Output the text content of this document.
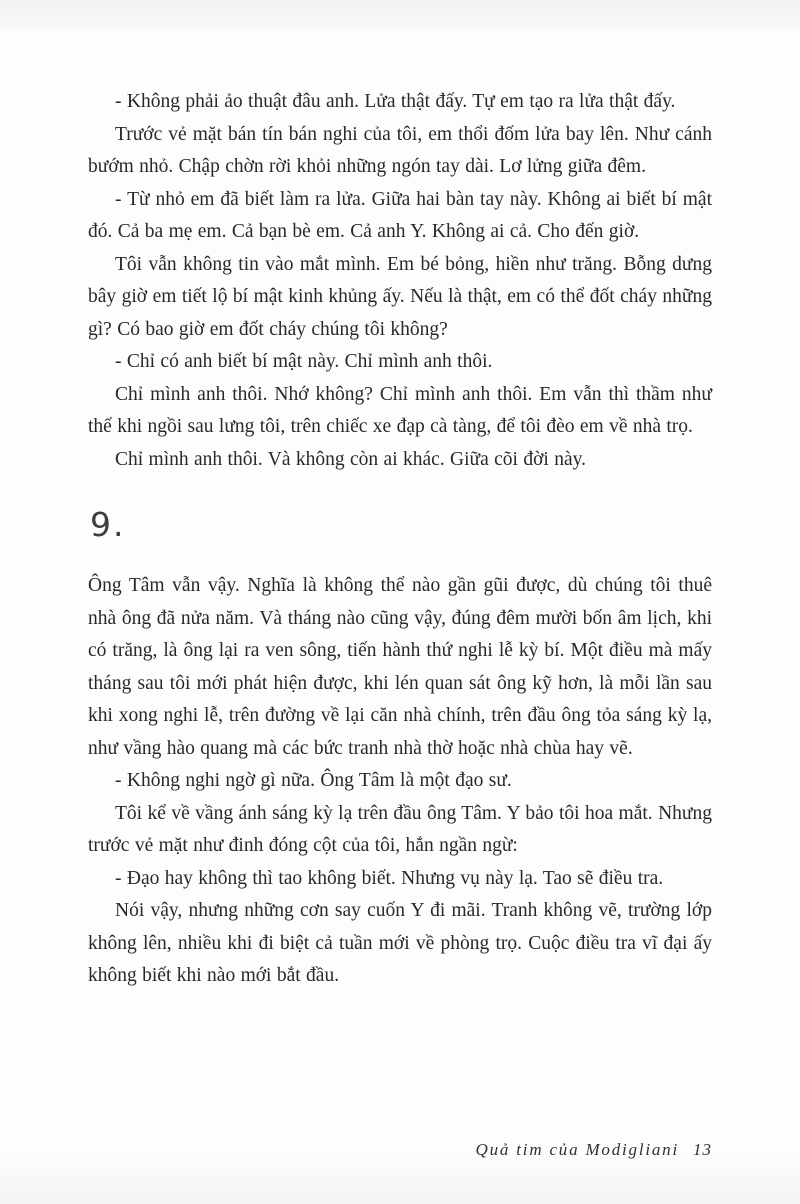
- Không phải ảo thuật đâu anh. Lửa thật đấy. Tự em tạo ra lửa thật đấy.

Trước vẻ mặt bán tín bán nghi của tôi, em thổi đốm lửa bay lên. Như cánh bướm nhỏ. Chập chờn rời khỏi những ngón tay dài. Lơ lửng giữa đêm.

- Từ nhỏ em đã biết làm ra lửa. Giữa hai bàn tay này. Không ai biết bí mật đó. Cả ba mẹ em. Cả bạn bè em. Cả anh Y. Không ai cả. Cho đến giờ.

Tôi vẫn không tin vào mắt mình. Em bé bỏng, hiền như trăng. Bỗng dưng bây giờ em tiết lộ bí mật kinh khủng ấy. Nếu là thật, em có thể đốt cháy những gì? Có bao giờ em đốt cháy chúng tôi không?

- Chỉ có anh biết bí mật này. Chỉ mình anh thôi.

Chỉ mình anh thôi. Nhớ không? Chỉ mình anh thôi. Em vẫn thì thầm như thế khi ngồi sau lưng tôi, trên chiếc xe đạp cà tàng, để tôi đèo em về nhà trọ.

Chỉ mình anh thôi. Và không còn ai khác. Giữa cõi đời này.

9.

Ông Tâm vẫn vậy. Nghĩa là không thể nào gần gũi được, dù chúng tôi thuê nhà ông đã nửa năm. Và tháng nào cũng vậy, đúng đêm mười bốn âm lịch, khi có trăng, là ông lại ra ven sông, tiến hành thứ nghi lễ kỳ bí. Một điều mà mấy tháng sau tôi mới phát hiện được, khi lén quan sát ông kỹ hơn, là mỗi lần sau khi xong nghi lễ, trên đường về lại căn nhà chính, trên đầu ông tỏa sáng kỳ lạ, như vầng hào quang mà các bức tranh nhà thờ hoặc nhà chùa hay vẽ.

- Không nghi ngờ gì nữa. Ông Tâm là một đạo sư.

Tôi kể về vầng ánh sáng kỳ lạ trên đầu ông Tâm. Y bảo tôi hoa mắt. Nhưng trước vẻ mặt như đinh đóng cột của tôi, hắn ngần ngừ:

- Đạo hay không thì tao không biết. Nhưng vụ này lạ. Tao sẽ điều tra.

Nói vậy, nhưng những cơn say cuốn Y đi mãi. Tranh không vẽ, trường lớp không lên, nhiều khi đi biệt cả tuần mới về phòng trọ. Cuộc điều tra vĩ đại ấy không biết khi nào mới bắt đầu.

Quả tim của Modigliani 13
